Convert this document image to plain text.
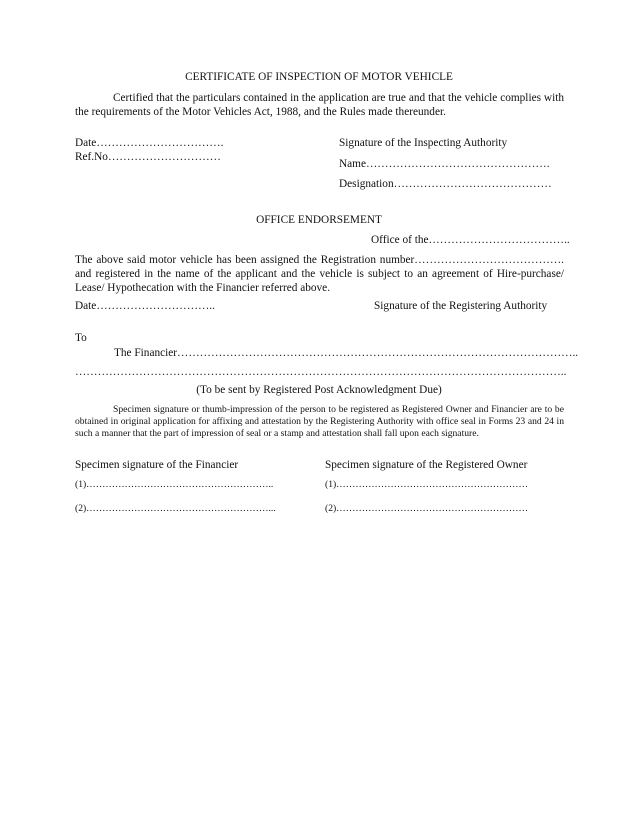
CERTIFICATE OF INSPECTION OF MOTOR VEHICLE
Certified that the particulars contained in the application are true and that the vehicle complies with the requirements of the Motor Vehicles Act, 1988, and the Rules made thereunder.
Date…………………………….
Ref.No…………………………
Signature of the Inspecting Authority
Name………………………………………….
Designation……………………………………
OFFICE ENDORSEMENT
Office of the………………………………..
The above said motor vehicle has been assigned the Registration number…………………………………. and registered in the name of the applicant and the vehicle is subject to an agreement of Hire-purchase/ Lease/ Hypothecation with the Financier referred above.
Date…………………………..	Signature of the Registering Authority
To
The Financier……………………………………………………………………………………………..
…………………………………………………………………………………………………………………..
(To be sent by Registered Post Acknowledgment Due)
Specimen signature or thumb-impression of the person to be registered as Registered Owner and Financier are to be obtained in original application for affixing and attestation by the Registering Authority with office seal in Forms 23 and 24 in such a manner that the part of impression of seal or a stamp and attestation shall fall upon each signature.
Specimen signature of the Financier	Specimen signature of the Registered Owner
(1)…………………………………………………..	(1)……………………………………………………
(2)…………………………………………………...	(2)……………………………………………………
